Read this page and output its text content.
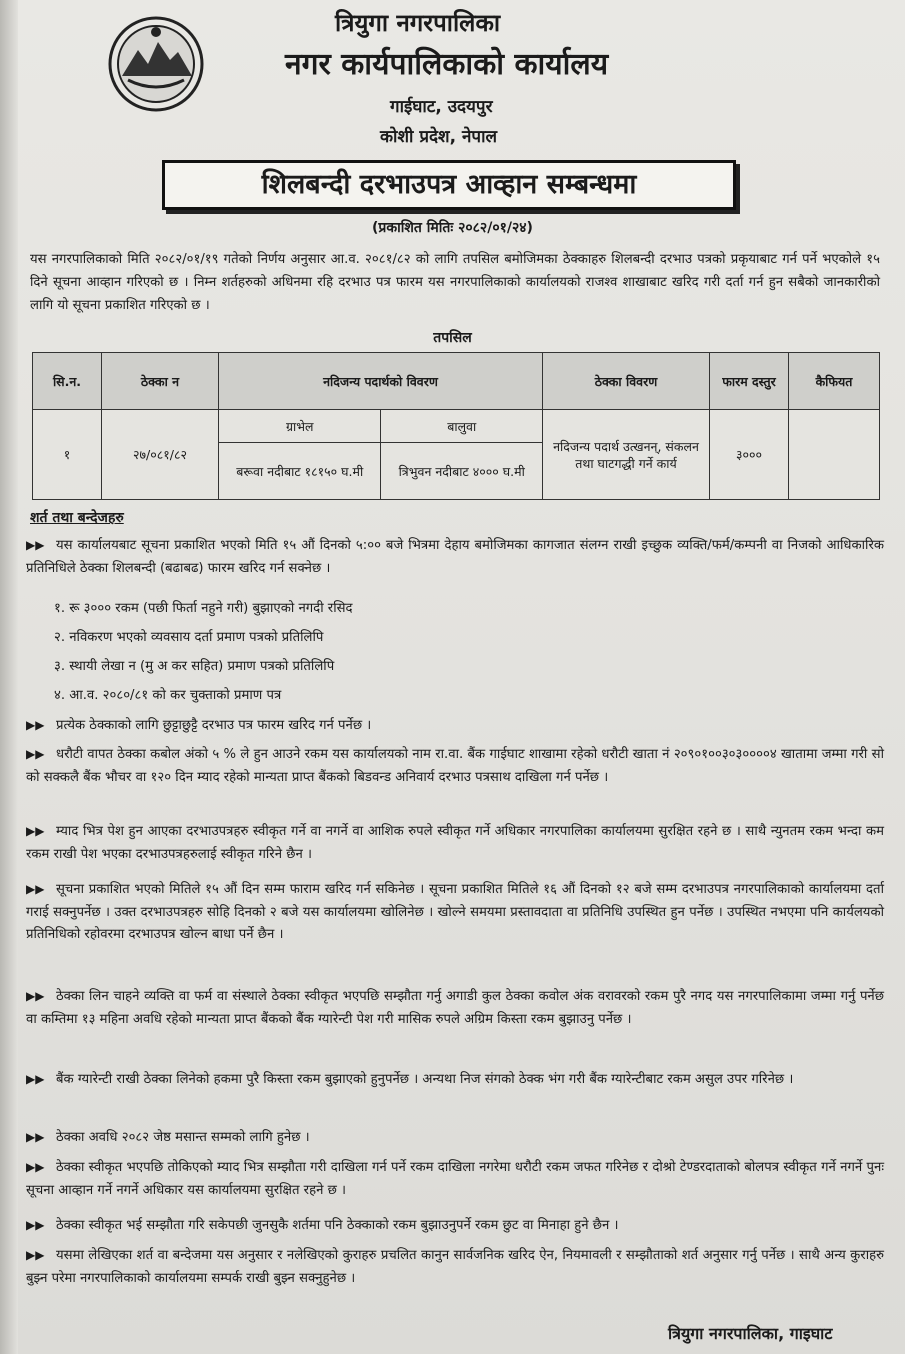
त्रियुगा नगरपालिका
नगर कार्यपालिकाको कार्यालय
गाईघाट, उदयपुर
कोशी प्रदेश, नेपाल
शिलबन्दी दरभाउपत्र आव्हान सम्बन्धमा
(प्रकाशित मितिः २०८२/०१/२४)
यस नगरपालिकाको मिति २०८२/०१/१९ गतेको निर्णय अनुसार आ.व. २०८१/८२ को लागि तपसिल बमोजिमका ठेक्काहरु शिलबन्दी दरभाउ पत्रको प्रकृयाबाट गर्न पर्ने भएकोले १५ दिने सूचना आव्हान गरिएको छ । निम्न शर्तहरुको अधिनमा रहि दरभाउ पत्र फारम यस नगरपालिकाको कार्यालयको राजश्व शाखाबाट खरिद गरी दर्ता गर्न हुन सबैको जानकारीको लागि यो सूचना प्रकाशित गरिएको छ ।
तपसिल
सि.न.	ठेक्का न	नदिजन्य पदार्थको विवरण		ठेक्का विवरण	फारम दस्तुर	कैफियत
१	२७/०८१/८२	ग्राभेल	बालुवा	नदिजन्य पदार्थ उत्खनन्, संकलन तथा घाटगद्धी गर्ने कार्य	३०००	
		बरूवा नदीबाट १८१५० घ.मी	त्रिभुवन नदीबाट ४००० घ.मी			
शर्त तथा बन्देजहरु
▶▶ यस कार्यालयबाट सूचना प्रकाशित भएको मिति १५ औं दिनको ५:०० बजे भित्रमा देहाय बमोजिमका कागजात संलग्न राखी इच्छुक व्यक्ति/फर्म/कम्पनी वा निजको आधिकारिक प्रतिनिधिले ठेक्का शिलबन्दी (बढाबढ) फारम खरिद गर्न सक्नेछ ।
१. रू ३००० रकम (पछी फिर्ता नहुने गरी) बुझाएको नगदी रसिद
२. नविकरण भएको व्यवसाय दर्ता प्रमाण पत्रको प्रतिलिपि
३. स्थायी लेखा न (मु अ कर सहित) प्रमाण पत्रको प्रतिलिपि
४. आ.व. २०८०/८१ को कर चुक्ताको प्रमाण पत्र
▶▶ प्रत्येक ठेक्काको लागि छुट्टाछुट्टै दरभाउ पत्र फारम खरिद गर्न पर्नेछ ।
▶▶ धरौटी वापत ठेक्का कबोल अंको ५ % ले हुन आउने रकम यस कार्यालयको नाम रा.वा. बैंक गाईघाट शाखामा रहेको धरौटी खाता नं २०९०१००३०३००००४ खातामा जम्मा गरी सो को सक्कलै बैंक भौचर वा १२० दिन म्याद रहेको मान्यता प्राप्त बैंकको बिडवन्ड अनिवार्य दरभाउ पत्रसाथ दाखिला गर्न पर्नेछ ।
▶▶ म्याद भित्र पेश हुन आएका दरभाउपत्रहरु स्वीकृत गर्ने वा नगर्ने वा आशिक रुपले स्वीकृत गर्ने अधिकार नगरपालिका कार्यालयमा सुरक्षित रहने छ । साथै न्युनतम रकम भन्दा कम रकम राखी पेश भएका दरभाउपत्रहरुलाई स्वीकृत गरिने छैन ।
▶▶ सूचना प्रकाशित भएको मितिले १५ औं दिन सम्म फाराम खरिद गर्न सकिनेछ । सूचना प्रकाशित मितिले १६ औं दिनको १२ बजे सम्म दरभाउपत्र नगरपालिकाको कार्यालयमा दर्ता गराई सक्नुपर्नेछ । उक्त दरभाउपत्रहरु सोहि दिनको २ बजे यस कार्यालयमा खोलिनेछ । खोल्ने समयमा प्रस्तावदाता वा प्रतिनिधि उपस्थित हुन पर्नेछ । उपस्थित नभएमा पनि कार्यलयको प्रतिनिधिको रहोवरमा दरभाउपत्र खोल्न बाधा पर्ने छैन ।
▶▶ ठेक्का लिन चाहने व्यक्ति वा फर्म वा संस्थाले ठेक्का स्वीकृत भएपछि सम्झौता गर्नु अगाडी कुल ठेक्का कवोल अंक वरावरको रकम पुरै नगद यस नगरपालिकामा जम्मा गर्नु पर्नेछ वा कम्तिमा १३ महिना अवधि रहेको मान्यता प्राप्त बैंकको बैंक ग्यारेन्टी पेश गरी मासिक रुपले अग्रिम किस्ता रकम बुझाउनु पर्नेछ ।
▶▶ बैंक ग्यारेन्टी राखी ठेक्का लिनेको हकमा पुरै किस्ता रकम बुझाएको हुनुपर्नेछ । अन्यथा निज संगको ठेक्क भंग गरी बैंक ग्यारेन्टीबाट रकम असुल उपर गरिनेछ ।
▶▶ ठेक्का अवधि २०८२ जेष्ठ मसान्त सम्मको लागि हुनेछ ।
▶▶ ठेक्का स्वीकृत भएपछि तोकिएको म्याद भित्र सम्झौता गरी दाखिला गर्न पर्ने रकम दाखिला नगरेमा धरौटी रकम जफत गरिनेछ र दोश्रो टेण्डरदाताको बोलपत्र स्वीकृत गर्ने नगर्ने पुनः सूचना आव्हान गर्ने नगर्ने अधिकार यस कार्यालयमा सुरक्षित रहने छ ।
▶▶ ठेक्का स्वीकृत भई सम्झौता गरि सकेपछी जुनसुकै शर्तमा पनि ठेक्काको रकम बुझाउनुपर्ने रकम छुट वा मिनाहा हुने छैन ।
▶▶ यसमा लेखिएका शर्त वा बन्देजमा यस अनुसार र नलेखिएको कुराहरु प्रचलित कानुन सार्वजनिक खरिद ऐन, नियमावली र सम्झौताको शर्त अनुसार गर्नु पर्नेछ । साथै अन्य कुराहरु बुझ्न परेमा नगरपालिकाको कार्यालयमा सम्पर्क राखी बुझ्न सक्नुहुनेछ ।
त्रियुगा नगरपालिका, गाइघाट
